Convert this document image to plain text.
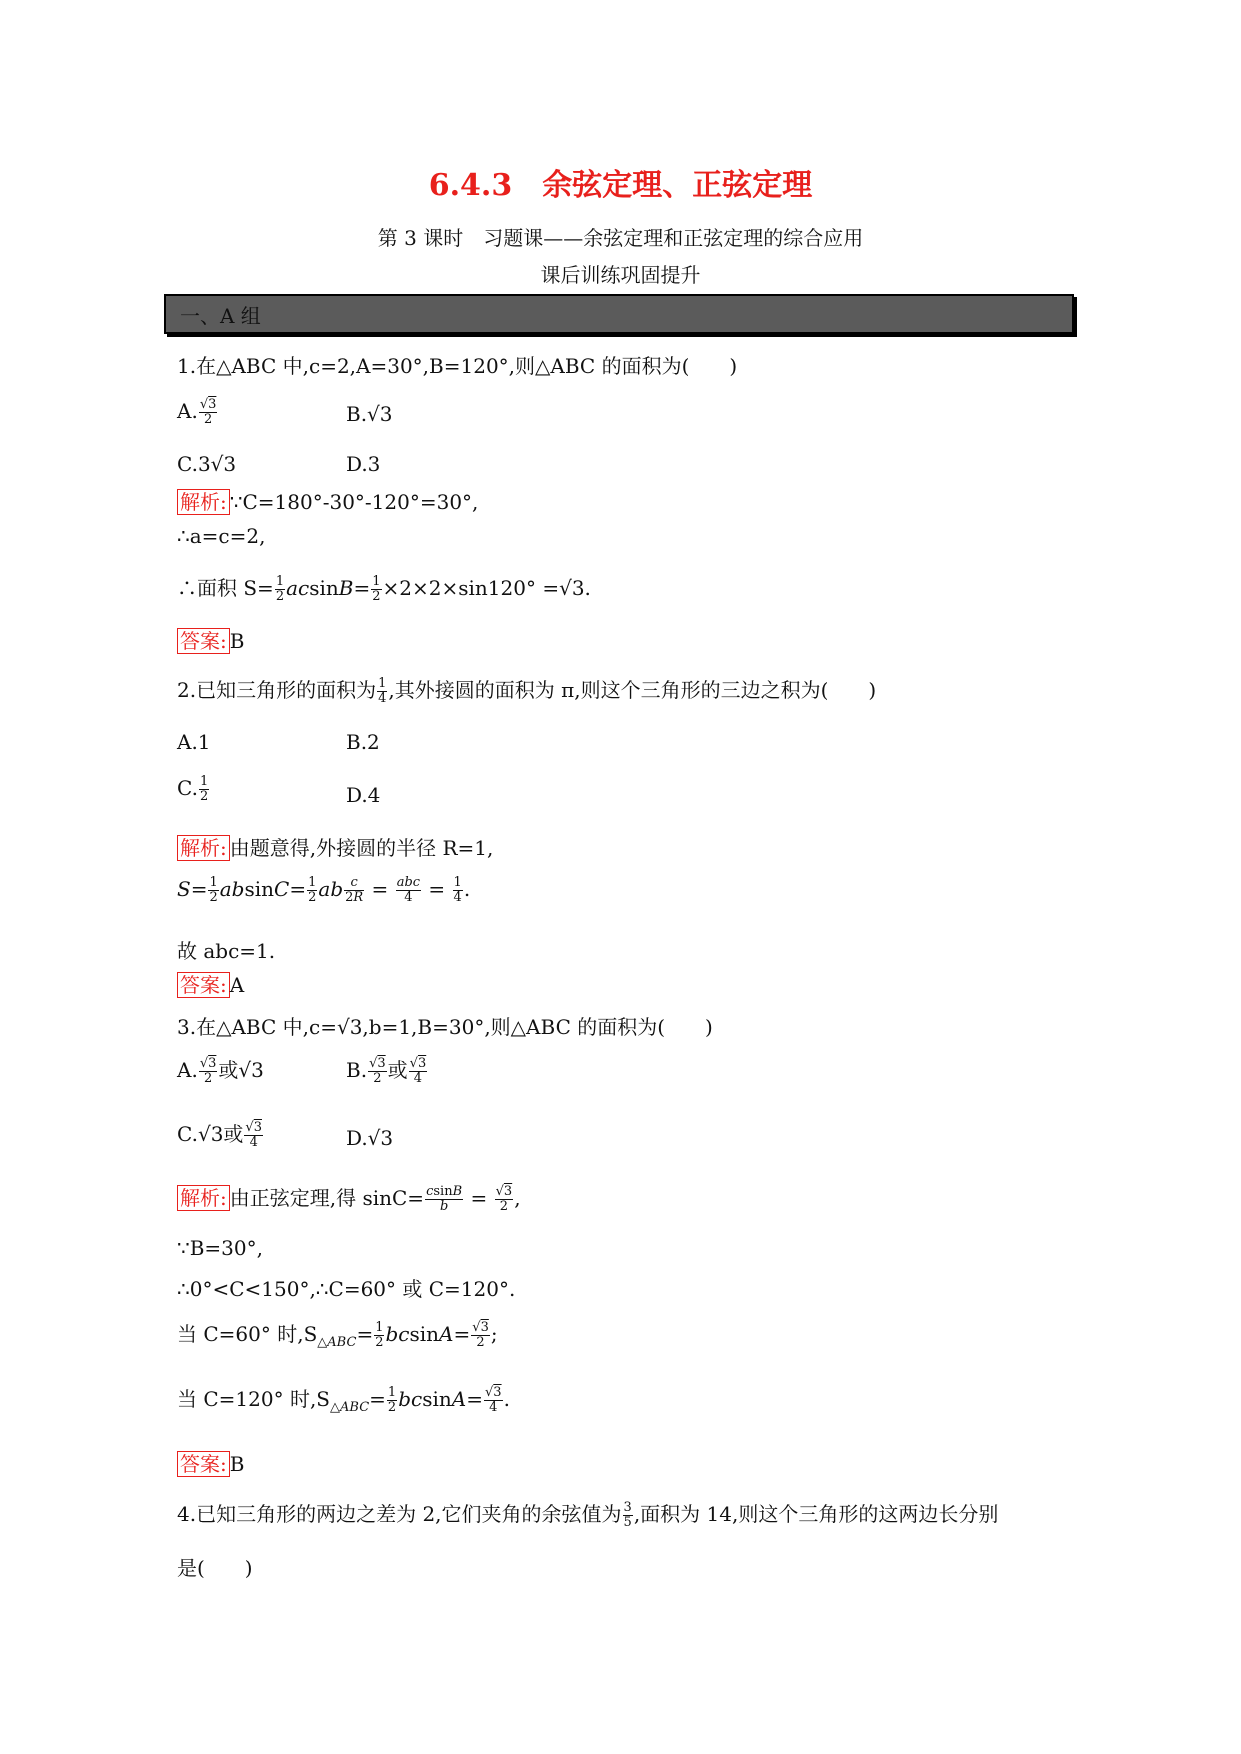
6.4.3　余弦定理、正弦定理
第 3 课时　习题课——余弦定理和正弦定理的综合应用
课后训练巩固提升
一、A 组
1.在△ABC 中,c=2,A=30°,B=120°,则△ABC 的面积为(　　)
A. $\frac{√3}{2}$	B.√3
C.3√3	D.3
解析: ∵C=180°-30°-120°=30°,
∴a=c=2,
∴面积 $S= \frac{1}{2} acsinB= \frac{1}{2} \times 2\times 2\times\sin 120^\circ =√3$.
答案: B
2.已知三角形的面积为 $\frac{1}{4}$ ,其外接圆的面积为 π,则这个三角形的三边之积为(　　)
A.1	B.2
C. $\frac{1}{2}$	D.4
解析: 由题意得,外接圆的半径 R=1,
$S= \frac{1}{2} absinC= \frac{1}{2}$ ab $\frac{c}{2R} = \frac{\text{abc}}{4} = \frac{1}{4}$ .
故 abc=1.
答案: A
3.在△ABC 中,c=√3,b=1,B=30°,则△ABC 的面积为(　　)
A. $\frac{√3}{2}$ 或√3	B. $\frac{√3}{2}$ 或 $\frac{√3}{4}$
C.√3或 $\frac{√3}{4}$	D.√3
解析: 由正弦定理,得 $\sin C= \frac{csinB}{b} = \frac{√3}{2}$ ,
∵B=30°,
∴0°<C<150°,∴C=60° 或 C=120°.
当 C=60° 时$,S_{\triangle ABC}= \frac{1}{2} bcsinA= \frac{√3}{2}$ ;
当 C=120° 时$,S_{\triangle ABC}= \frac{1}{2} bcsinA= \frac{√3}{4}$ .
答案: B
4.已知三角形的两边之差为 2,它们夹角的余弦值为 $\frac{3}{5}$ ,面积为 14,则这个三角形的这两边长分别
是(　　)
